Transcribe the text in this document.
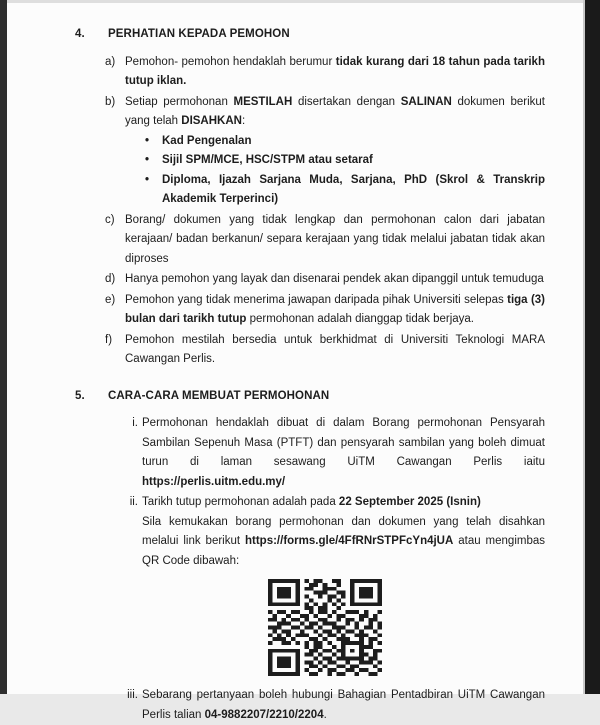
4.	PERHATIAN KEPADA PEMOHON
a) Pemohon- pemohon hendaklah berumur tidak kurang dari 18 tahun pada tarikh tutup iklan.
b) Setiap permohonan MESTILAH disertakan dengan SALINAN dokumen berikut yang telah DISAHKAN:
•	Kad Pengenalan
•	Sijil SPM/MCE, HSC/STPM atau setaraf
•	Diploma, Ijazah Sarjana Muda, Sarjana, PhD (Skrol & Transkrip Akademik Terperinci)
c) Borang/ dokumen yang tidak lengkap dan permohonan calon dari jabatan kerajaan/ badan berkanun/ separa kerajaan yang tidak melalui jabatan tidak akan diproses
d) Hanya pemohon yang layak dan disenarai pendek akan dipanggil untuk temuduga
e) Pemohon yang tidak menerima jawapan daripada pihak Universiti selepas tiga (3) bulan dari tarikh tutup permohonan adalah dianggap tidak berjaya.
f)	Pemohon mestilah bersedia untuk berkhidmat di Universiti Teknologi MARA Cawangan Perlis.
5.	CARA-CARA MEMBUAT PERMOHONAN
i. Permohonan hendaklah dibuat di dalam Borang permohonan Pensyarah Sambilan Sepenuh Masa (PTFT) dan pensyarah sambilan yang boleh dimuat turun di laman sesawang UiTM Cawangan Perlis iaitu https://perlis.uitm.edu.my/
ii. Tarikh tutup permohonan adalah pada 22 September 2025 (Isnin)
Sila kemukakan borang permohonan dan dokumen yang telah disahkan melalui link berikut https://forms.gle/4FfRNrSTPFcYn4jUA atau mengimbas QR Code dibawah:
iii. Sebarang pertanyaan boleh hubungi Bahagian Pentadbiran UiTM Cawangan Perlis talian 04-9882207/2210/2204.
